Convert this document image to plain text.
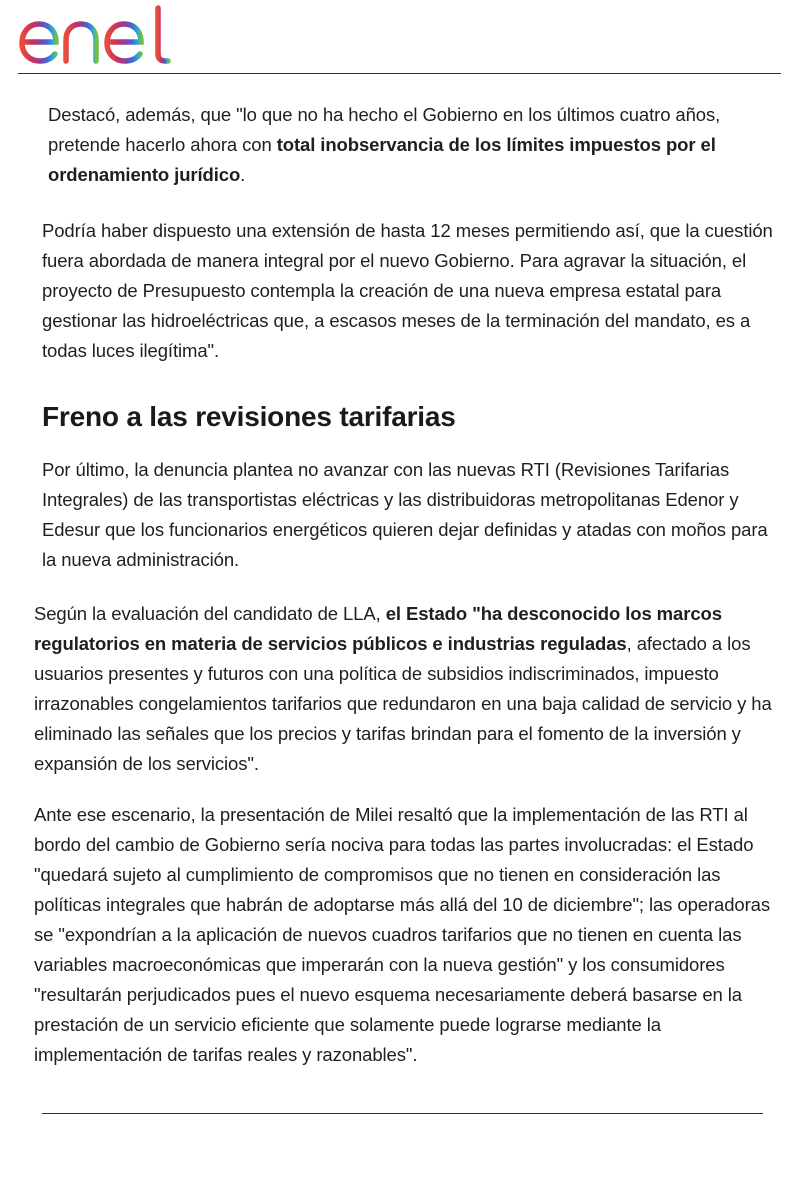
Destacó, además, que "lo que no ha hecho el Gobierno en los últimos cuatro años, pretende hacerlo ahora con total inobservancia de los límites impuestos por el ordenamiento jurídico.

Podría haber dispuesto una extensión de hasta 12 meses permitiendo así, que la cuestión fuera abordada de manera integral por el nuevo Gobierno. Para agravar la situación, el proyecto de Presupuesto contempla la creación de una nueva empresa estatal para gestionar las hidroeléctricas que, a escasos meses de la terminación del mandato, es a todas luces ilegítima".

Freno a las revisiones tarifarias

Por último, la denuncia plantea no avanzar con las nuevas RTI (Revisiones Tarifarias Integrales) de las transportistas eléctricas y las distribuidoras metropolitanas Edenor y Edesur que los funcionarios energéticos quieren dejar definidas y atadas con moños para la nueva administración.

Según la evaluación del candidato de LLA, el Estado "ha desconocido los marcos regulatorios en materia de servicios públicos e industrias reguladas, afectado a los usuarios presentes y futuros con una política de subsidios indiscriminados, impuesto irrazonables congelamientos tarifarios que redundaron en una baja calidad de servicio y ha eliminado las señales que los precios y tarifas brindan para el fomento de la inversión y expansión de los servicios".

Ante ese escenario, la presentación de Milei resaltó que la implementación de las RTI al bordo del cambio de Gobierno sería nociva para todas las partes involucradas: el Estado "quedará sujeto al cumplimiento de compromisos que no tienen en consideración las políticas integrales que habrán de adoptarse más allá del 10 de diciembre"; las operadoras se "expondrían a la aplicación de nuevos cuadros tarifarios que no tienen en cuenta las variables macroeconómicas que imperarán con la nueva gestión" y los consumidores "resultarán perjudicados pues el nuevo esquema necesariamente deberá basarse en la prestación de un servicio eficiente que solamente puede lograrse mediante la implementación de tarifas reales y razonables".
